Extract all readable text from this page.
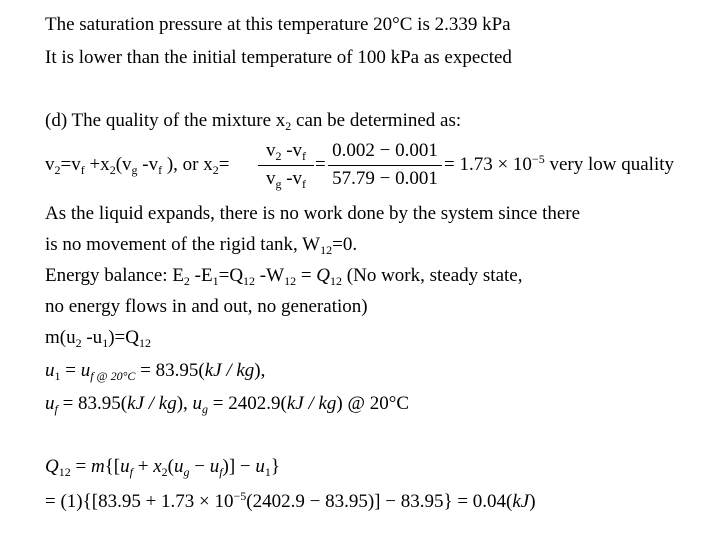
The saturation pressure at this temperature 20°C is 2.339 kPa
It is lower than the initial temperature of 100 kPa as expected
(d) The quality of the mixture $x_2$ can be determined as:
$v_2=v_f +x_2(v_g$ $-v_f$ ), or $x_2=$
$v_2$ $-v_f$
$v_g$ $-v_f$
=
0.002 − 0.001
57.79 − 0.001
= $1.73 \times 10^{-5}$ very low quality
As the liquid expands, there is no work done by the system since there
is no movement of the rigid tank, $W_{12}=0$.
Energy balance: $E_2$ $-E_1=Q_{12}$ $-W_{12} = Q_{12}$ (No work, steady state,
no energy flows in and out, no generation)
$m(u_2$ $-u_1)=Q_{12}$
$u_1 = u_{f @ 20^\circ C} = 83.95(kJ / kg)$,
$u_f = 83.95(kJ / kg)$, $u_g = 2402.9(kJ / kg)$ @ 20°C
$Q_{12} = m\{[u_f + x_2(u_g - u_f)] - u_1\}$
= $(1)\{[83.95 + 1.73 \times 10^{-5}(2402.9 - 83.95)] - 83.95\} = 0.04(kJ)$
